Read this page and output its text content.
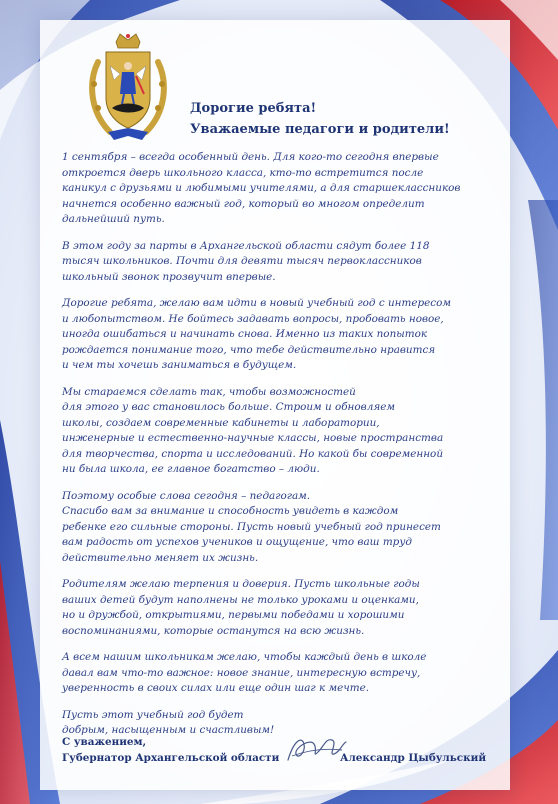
Дорогие ребята!
Уважаемые педагоги и родители!

1 сентября – всегда особенный день. Для кого-то сегодня впервые
откроется дверь школьного класса, кто-то встретится после
каникул с друзьями и любимыми учителями, а для старшеклассников
начнется особенно важный год, который во многом определит
дальнейший путь.

В этом году за парты в Архангельской области сядут более 118
тысяч школьников. Почти для девяти тысяч первоклассников
школьный звонок прозвучит впервые.

Дорогие ребята, желаю вам идти в новый учебный год с интересом
и любопытством. Не бойтесь задавать вопросы, пробовать новое,
иногда ошибаться и начинать снова. Именно из таких попыток
рождается понимание того, что тебе действительно нравится
и чем ты хочешь заниматься в будущем.

Мы стараемся сделать так, чтобы возможностей
для этого у вас становилось больше. Строим и обновляем
школы, создаем современные кабинеты и лаборатории,
инженерные и естественно-научные классы, новые пространства
для творчества, спорта и исследований. Но какой бы современной
ни была школа, ее главное богатство – люди.

Поэтому особые слова сегодня – педагогам.
Спасибо вам за внимание и способность увидеть в каждом
ребенке его сильные стороны. Пусть новый учебный год принесет
вам радость от успехов учеников и ощущение, что ваш труд
действительно меняет их жизнь.

Родителям желаю терпения и доверия. Пусть школьные годы
ваших детей будут наполнены не только уроками и оценками,
но и дружбой, открытиями, первыми победами и хорошими
воспоминаниями, которые останутся на всю жизнь.

А всем нашим школьникам желаю, чтобы каждый день в школе
давал вам что-то важное: новое знание, интересную встречу,
уверенность в своих силах или еще один шаг к мечте.

Пусть этот учебный год будет
добрым, насыщенным и счастливым!

С уважением,
Губернатор Архангельской области	Александр Цыбульский
